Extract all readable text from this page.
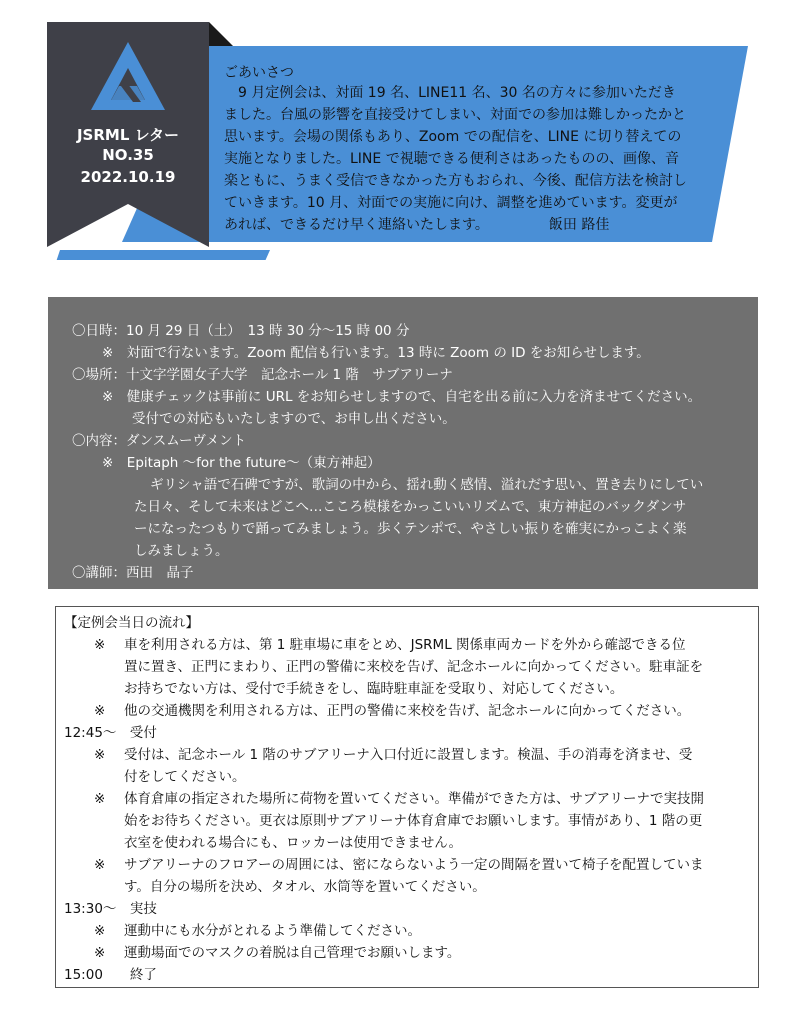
JSRML レター
NO.35
2022.10.19
ごあいさつ
9 月定例会は、対面 19 名、LINE11 名、30 名の方々に参加いただき
ました。台風の影響を直接受けてしまい、対面での参加は難しかったかと
思います。会場の関係もあり、Zoom での配信を、LINE に切り替えての
実施となりました。LINE で視聴できる便利さはあったものの、画像、音
楽ともに、うまく受信できなかった方もおられ、今後、配信方法を検討し
ていきます。10 月、対面での実施に向け、調整を進めています。変更が
あれば、できるだけ早く連絡いたします。	飯田 路佳
10 月定例会
〇日時：10 月 29 日（土）　13 時 30 分～15 時 00 分
※　対面で行ないます。Zoom 配信も行います。13 時に Zoom の ID をお知らせします。
〇場所：十文字学園女子大学　記念ホール 1 階　サブアリーナ
※　健康チェックは事前に URL をお知らせしますので、自宅を出る前に入力を済ませてください。
受付での対応もいたしますので、お申し出ください。
〇内容：ダンスムーヴメント
※　Epitaph ～for the future～（東方神起）
ギリシャ語で石碑ですが、歌詞の中から、揺れ動く感情、溢れだす思い、置き去りにしてい
た日々、そして未来はどこへ…こころ模様をかっこいいリズムで、東方神起のバックダンサ
ーになったつもりで踊ってみましょう。歩くテンポで、やさしい振りを確実にかっこよく楽
しみましょう。
〇講師：西田　晶子
【定例会当日の流れ】
※ 車を利用される方は、第 1 駐車場に車をとめ、JSRML 関係車両カードを外から確認できる位
置に置き、正門にまわり、正門の警備に来校を告げ、記念ホールに向かってください。駐車証を
お持ちでない方は、受付で手続きをし、臨時駐車証を受取り、対応してください。
※ 他の交通機関を利用される方は、正門の警備に来校を告げ、記念ホールに向かってください。
12:45～　受付
※ 受付は、記念ホール 1 階のサブアリーナ入口付近に設置します。検温、手の消毒を済ませ、受
付をしてください。
※ 体育倉庫の指定された場所に荷物を置いてください。準備ができた方は、サブアリーナで実技開
始をお待ちください。更衣は原則サブアリーナ体育倉庫でお願いします。事情があり、1 階の更
衣室を使われる場合にも、ロッカーは使用できません。
※ サブアリーナのフロアーの周囲には、密にならないよう一定の間隔を置いて椅子を配置していま
す。自分の場所を決め、タオル、水筒等を置いてください。
13:30～　実技
※ 運動中にも水分がとれるよう準備してください。
※ 運動場面でのマスクの着脱は自己管理でお願いします。
15:00　　終了
